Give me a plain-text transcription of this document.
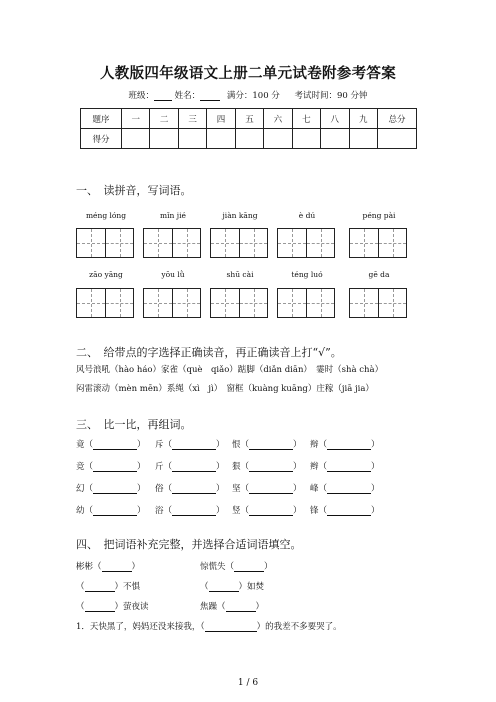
人教版四年级语文上册二单元试卷附参考答案
班级： 姓名：	满分：100 分 考试时间：90 分钟
题序	一	二	三	四	五	六	七	八	九	总分
得分										
一、　读拼音，写词语。
méng lóng	mǐn jié	jiàn kāng	è dú	péng pài
zāo yāng	yōu lǜ	shū cài	téng luó	gē da
二、　给带点的字选择正确读音，再正确读音上打“√”。
风号浪吼（hào háo）家雀（què　qiǎo）踮脚（diǎn diān）　霎时（shà chà）
闷雷滚动（mèn mēn）系绳（xì　jì）　窗框（kuàng kuāng）庄稼（jiā jia）
三、　比一比，再组词。
竟（	） 斥（	） 恨（	） 辩（	）
竞（	） 斤（	） 狠（	） 辫（	）
幻（	） 俗（	） 坚（	） 峰（	）
幼（	） 浴（	） 竖（	） 锋（	）
四、　把词语补充完整，并选择合适词语填空。
彬彬（	）	惊慌失（	）
（	）不惧	（	）如焚
（	）萤夜读	焦躁（	）
1．天快黑了，妈妈还没来接我，（	）的我差不多要哭了。
1 / 6
